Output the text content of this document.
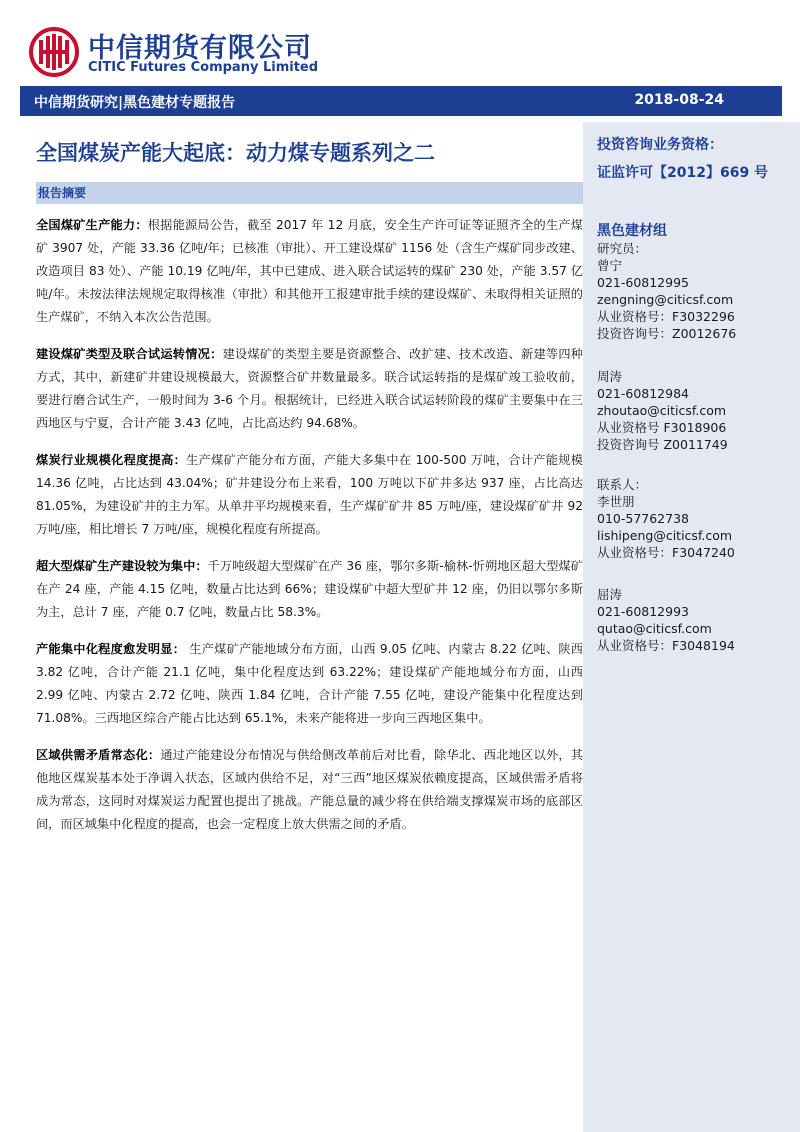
中信期货有限公司
CITIC Futures Company Limited
中信期货研究|黑色建材专题报告	2018-08-24
全国煤炭产能大起底：动力煤专题系列之二
报告摘要

全国煤矿生产能力：根据能源局公告，截至 2017 年 12 月底，安全生产许可证等证照齐全的生产煤矿 3907 处，产能 33.36 亿吨/年；已核准（审批）、开工建设煤矿 1156 处（含生产煤矿同步改建、改造项目 83 处）、产能 10.19 亿吨/年，其中已建成、进入联合试运转的煤矿 230 处，产能 3.57 亿吨/年。未按法律法规规定取得核准（审批）和其他开工报建审批手续的建设煤矿、未取得相关证照的生产煤矿，不纳入本次公告范围。

建设煤矿类型及联合试运转情况：建设煤矿的类型主要是资源整合、改扩建、技术改造、新建等四种方式，其中，新建矿井建设规模最大，资源整合矿井数量最多。联合试运转指的是煤矿竣工验收前，要进行磨合试生产，一般时间为 3-6 个月。根据统计，已经进入联合试运转阶段的煤矿主要集中在三西地区与宁夏，合计产能 3.43 亿吨，占比高达约 94.68%。

煤炭行业规模化程度提高：生产煤矿产能分布方面，产能大多集中在 100-500 万吨，合计产能规模 14.36 亿吨，占比达到 43.04%；矿井建设分布上来看，100 万吨以下矿井多达 937 座，占比高达 81.05%，为建设矿井的主力军。从单井平均规模来看，生产煤矿矿井 85 万吨/座，建设煤矿矿井 92 万吨/座，相比增长 7 万吨/座，规模化程度有所提高。

超大型煤矿生产建设较为集中：千万吨级超大型煤矿在产 36 座，鄂尔多斯-榆林-忻朔地区超大型煤矿在产 24 座，产能 4.15 亿吨，数量占比达到 66%；建设煤矿中超大型矿井 12 座，仍旧以鄂尔多斯为主，总计 7 座，产能 0.7 亿吨，数量占比 58.3%。

产能集中化程度愈发明显： 生产煤矿产能地域分布方面，山西 9.05 亿吨、内蒙古 8.22 亿吨、陕西 3.82 亿吨，合计产能 21.1 亿吨，集中化程度达到 63.22%；建设煤矿产能地域分布方面，山西 2.99 亿吨、内蒙古 2.72 亿吨、陕西 1.84 亿吨，合计产能 7.55 亿吨，建设产能集中化程度达到 71.08%。三西地区综合产能占比达到 65.1%，未来产能将进一步向三西地区集中。

区域供需矛盾常态化：通过产能建设分布情况与供给侧改革前后对比看，除华北、西北地区以外，其他地区煤炭基本处于净调入状态，区域内供给不足，对“三西”地区煤炭依赖度提高，区域供需矛盾将成为常态，这同时对煤炭运力配置也提出了挑战。产能总量的减少将在供给端支撑煤炭市场的底部区间，而区域集中化程度的提高，也会一定程度上放大供需之间的矛盾。

投资咨询业务资格：
证监许可【2012】669 号
黑色建材组
研究员：
曾宁
021-60812995
zengning@citicsf.com
从业资格号：F3032296
投资咨询号：Z0012676
周涛
021-60812984
zhoutao@citicsf.com
从业资格号 F3018906
投资咨询号 Z0011749
联系人：
李世朋
010-57762738
lishipeng@citicsf.com
从业资格号：F3047240
屈涛
021-60812993
qutao@citicsf.com
从业资格号：F3048194
